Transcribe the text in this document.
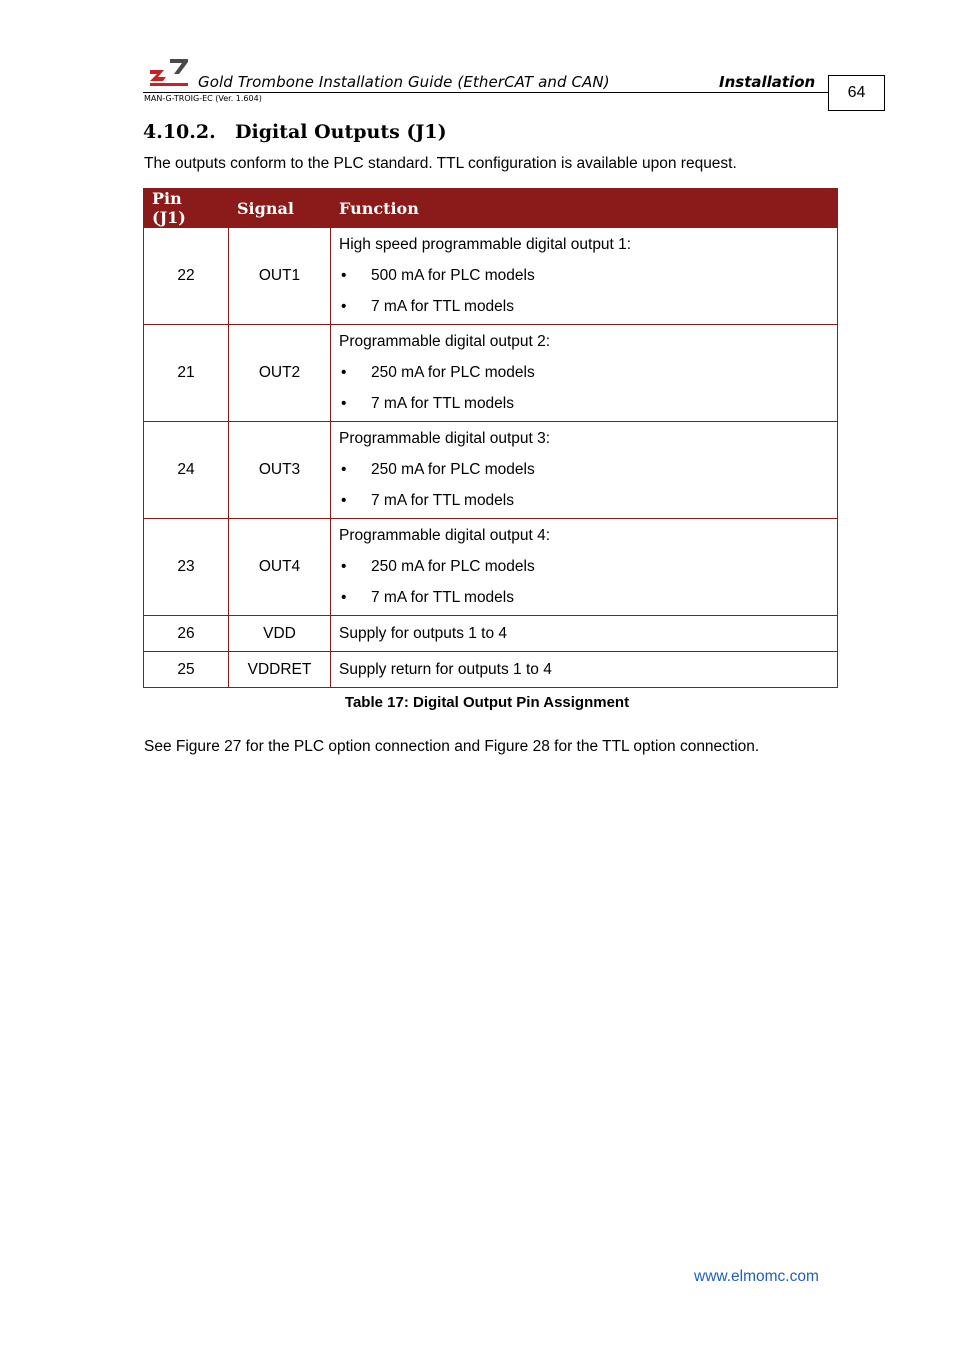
Gold Trombone Installation Guide (EtherCAT and CAN)	Installation
MAN-G-TROIG-EC (Ver. 1.604)	64
4.10.2. Digital Outputs (J1)
The outputs conform to the PLC standard. TTL configuration is available upon request.
Pin (J1)	Signal	Function
22	OUT1	High speed programmable digital output 1:
• 500 mA for PLC models
• 7 mA for TTL models

21	OUT2	Programmable digital output 2:
• 250 mA for PLC models
• 7 mA for TTL models

24	OUT3	Programmable digital output 3:
• 250 mA for PLC models
• 7 mA for TTL models

23	OUT4	Programmable digital output 4:
• 250 mA for PLC models
• 7 mA for TTL models

26	VDD	Supply for outputs 1 to 4
25	VDDRET	Supply return for outputs 1 to 4
Table 17: Digital Output Pin Assignment
See Figure 27 for the PLC option connection and Figure 28 for the TTL option connection.
www.elmomc.com
